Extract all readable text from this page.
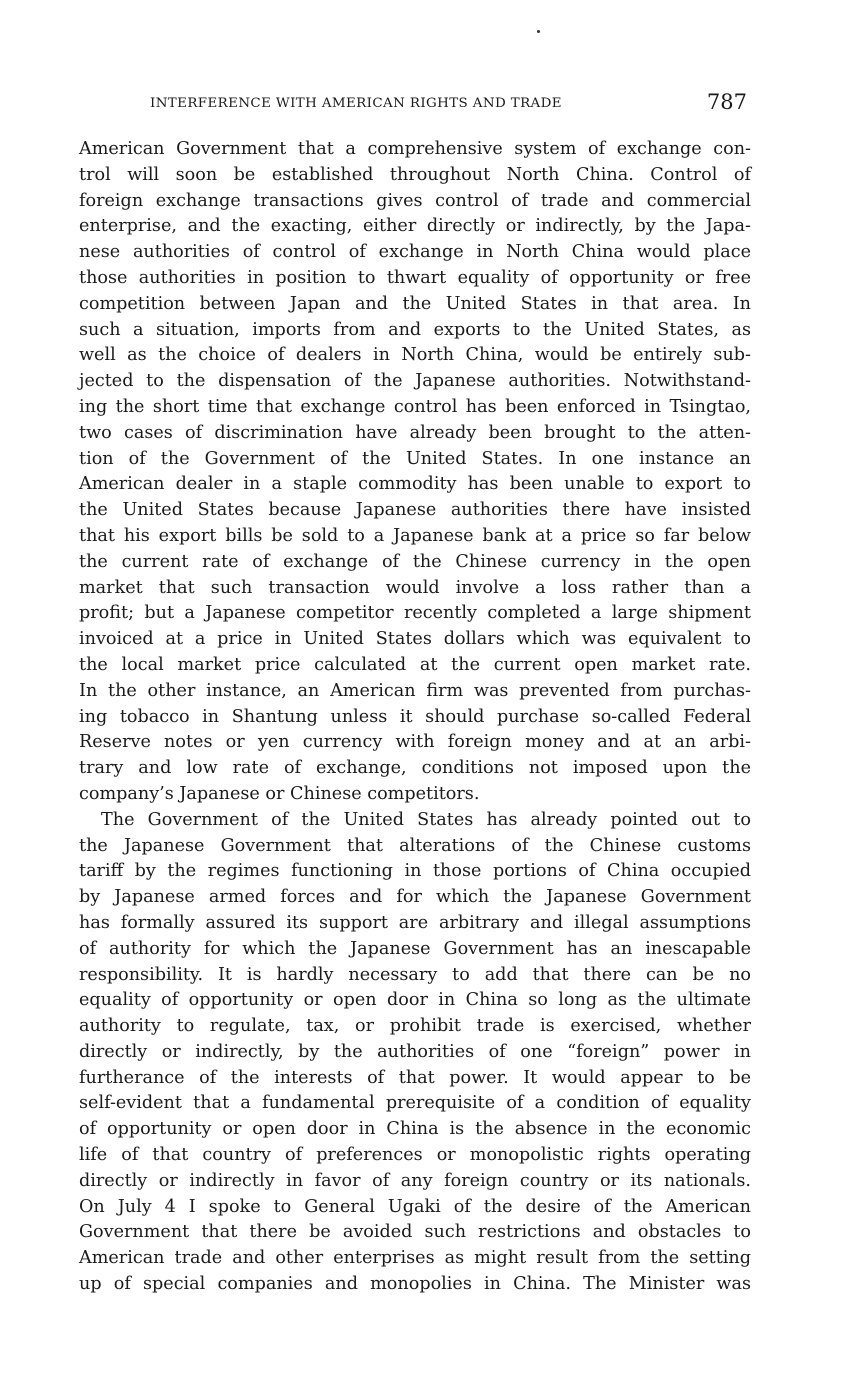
INTERFERENCE WITH AMERICAN RIGHTS AND TRADE	787
American Government that a comprehensive system of exchange con-
trol will soon be established throughout North China. Control of
foreign exchange transactions gives control of trade and commercial
enterprise, and the exacting, either directly or indirectly, by the Japa-
nese authorities of control of exchange in North China would place
those authorities in position to thwart equality of opportunity or free
competition between Japan and the United States in that area. In
such a situation, imports from and exports to the United States, as
well as the choice of dealers in North China, would be entirely sub-
jected to the dispensation of the Japanese authorities. Notwithstand-
ing the short time that exchange control has been enforced in Tsingtao,
two cases of discrimination have already been brought to the atten-
tion of the Government of the United States. In one instance an
American dealer in a staple commodity has been unable to export to
the United States because Japanese authorities there have insisted
that his export bills be sold to a Japanese bank at a price so far below
the current rate of exchange of the Chinese currency in the open
market that such transaction would involve a loss rather than a
profit; but a Japanese competitor recently completed a large shipment
invoiced at a price in United States dollars which was equivalent to
the local market price calculated at the current open market rate.
In the other instance, an American firm was prevented from purchas-
ing tobacco in Shantung unless it should purchase so-called Federal
Reserve notes or yen currency with foreign money and at an arbi-
trary and low rate of exchange, conditions not imposed upon the
company’s Japanese or Chinese competitors.
The Government of the United States has already pointed out to
the Japanese Government that alterations of the Chinese customs
tariff by the regimes functioning in those portions of China occupied
by Japanese armed forces and for which the Japanese Government
has formally assured its support are arbitrary and illegal assumptions
of authority for which the Japanese Government has an inescapable
responsibility. It is hardly necessary to add that there can be no
equality of opportunity or open door in China so long as the ultimate
authority to regulate, tax, or prohibit trade is exercised, whether
directly or indirectly, by the authorities of one “foreign” power in
furtherance of the interests of that power. It would appear to be
self-evident that a fundamental prerequisite of a condition of equality
of opportunity or open door in China is the absence in the economic
life of that country of preferences or monopolistic rights operating
directly or indirectly in favor of any foreign country or its nationals.
On July 4 I spoke to General Ugaki of the desire of the American
Government that there be avoided such restrictions and obstacles to
American trade and other enterprises as might result from the setting
up of special companies and monopolies in China. The Minister was
